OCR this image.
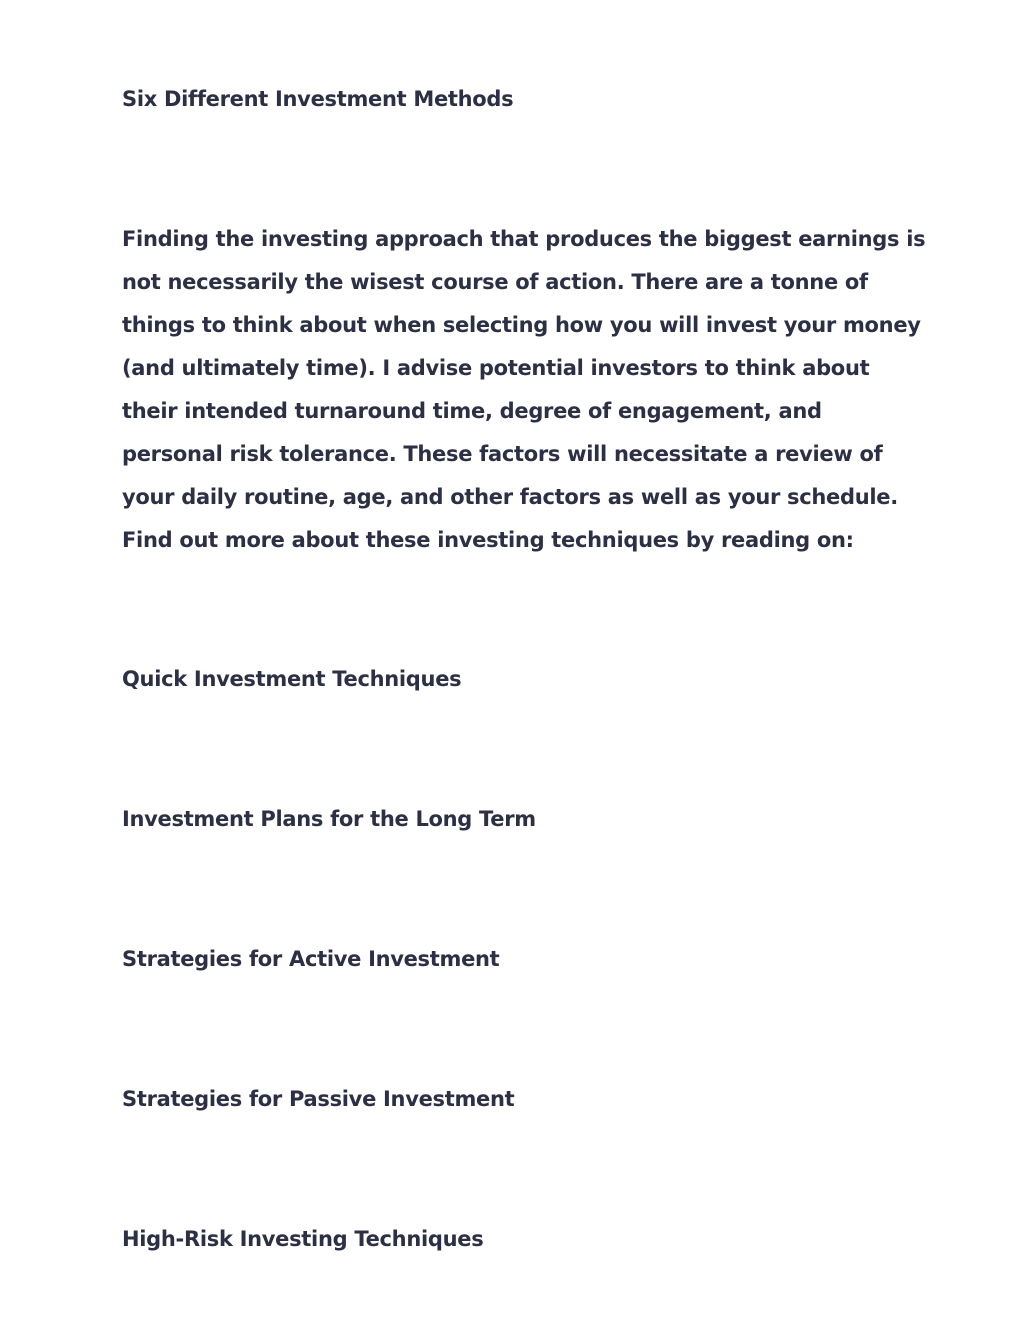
Six Different Investment Methods
Finding the investing approach that produces the biggest earnings is
not necessarily the wisest course of action. There are a tonne of
things to think about when selecting how you will invest your money
(and ultimately time). I advise potential investors to think about
their intended turnaround time, degree of engagement, and
personal risk tolerance. These factors will necessitate a review of
your daily routine, age, and other factors as well as your schedule.
Find out more about these investing techniques by reading on:
Quick Investment Techniques
Investment Plans for the Long Term
Strategies for Active Investment
Strategies for Passive Investment
High-Risk Investing Techniques
